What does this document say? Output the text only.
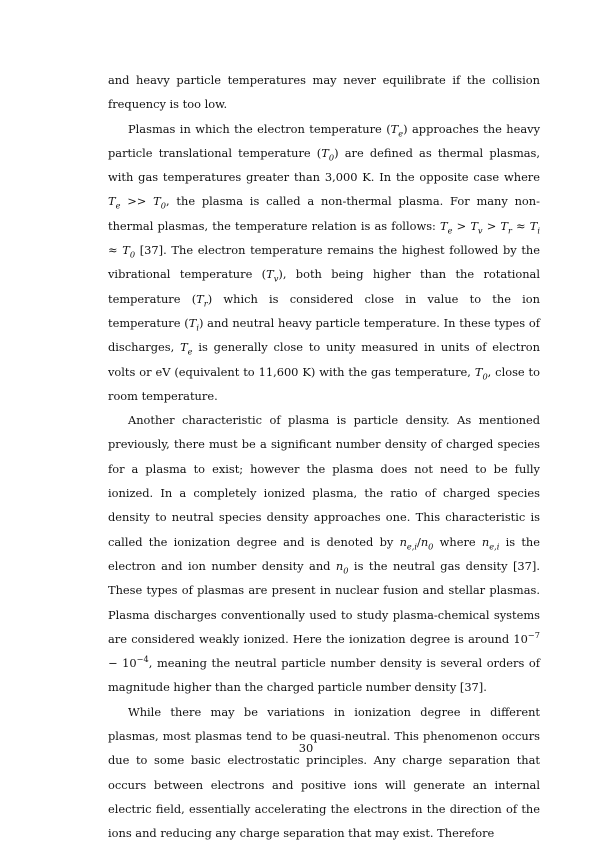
and heavy particle temperatures may never equilibrate if the collision frequency is too low.

Plasmas in which the electron temperature $(T_e)$ approaches the heavy particle translational temperature $(T_0)$ are defined as thermal plasmas, with gas temperatures greater than 3,000 K. In the opposite case where $T_e >> T_0$, the plasma is called a non-thermal plasma. For many non-thermal plasmas, the temperature relation is as follows: $T_e > T_v > T_r \approx T_i \approx T_0$ [37]. The electron temperature remains the highest followed by the vibrational temperature $(T_v)$, both being higher than the rotational temperature $(T_r)$ which is considered close in value to the ion temperature $(T_i)$ and neutral heavy particle temperature. In these types of discharges, $T_e$ is generally close to unity measured in units of electron volts or eV (equivalent to 11,600 K) with the gas temperature, $T_0$, close to room temperature.

Another characteristic of plasma is particle density. As mentioned previously, there must be a significant number density of charged species for a plasma to exist; however the plasma does not need to be fully ionized. In a completely ionized plasma, the ratio of charged species density to neutral species density approaches one. This characteristic is called the ionization degree and is denoted by $n_{e,i}/n_0$ where $n_{e,i}$ is the electron and ion number density and $n_0$ is the neutral gas density [37]. These types of plasmas are present in nuclear fusion and stellar plasmas. Plasma discharges conventionally used to study plasma-chemical systems are considered weakly ionized. Here the ionization degree is around $10^{-7} - 10^{-4}$, meaning the neutral particle number density is several orders of magnitude higher than the charged particle number density [37].

While there may be variations in ionization degree in different plasmas, most plasmas tend to be quasi-neutral. This phenomenon occurs due to some basic electrostatic principles. Any charge separation that occurs between electrons and positive ions will generate an internal electric field, essentially accelerating the electrons in the direction of the ions and reducing any charge separation that may exist. Therefore

30
